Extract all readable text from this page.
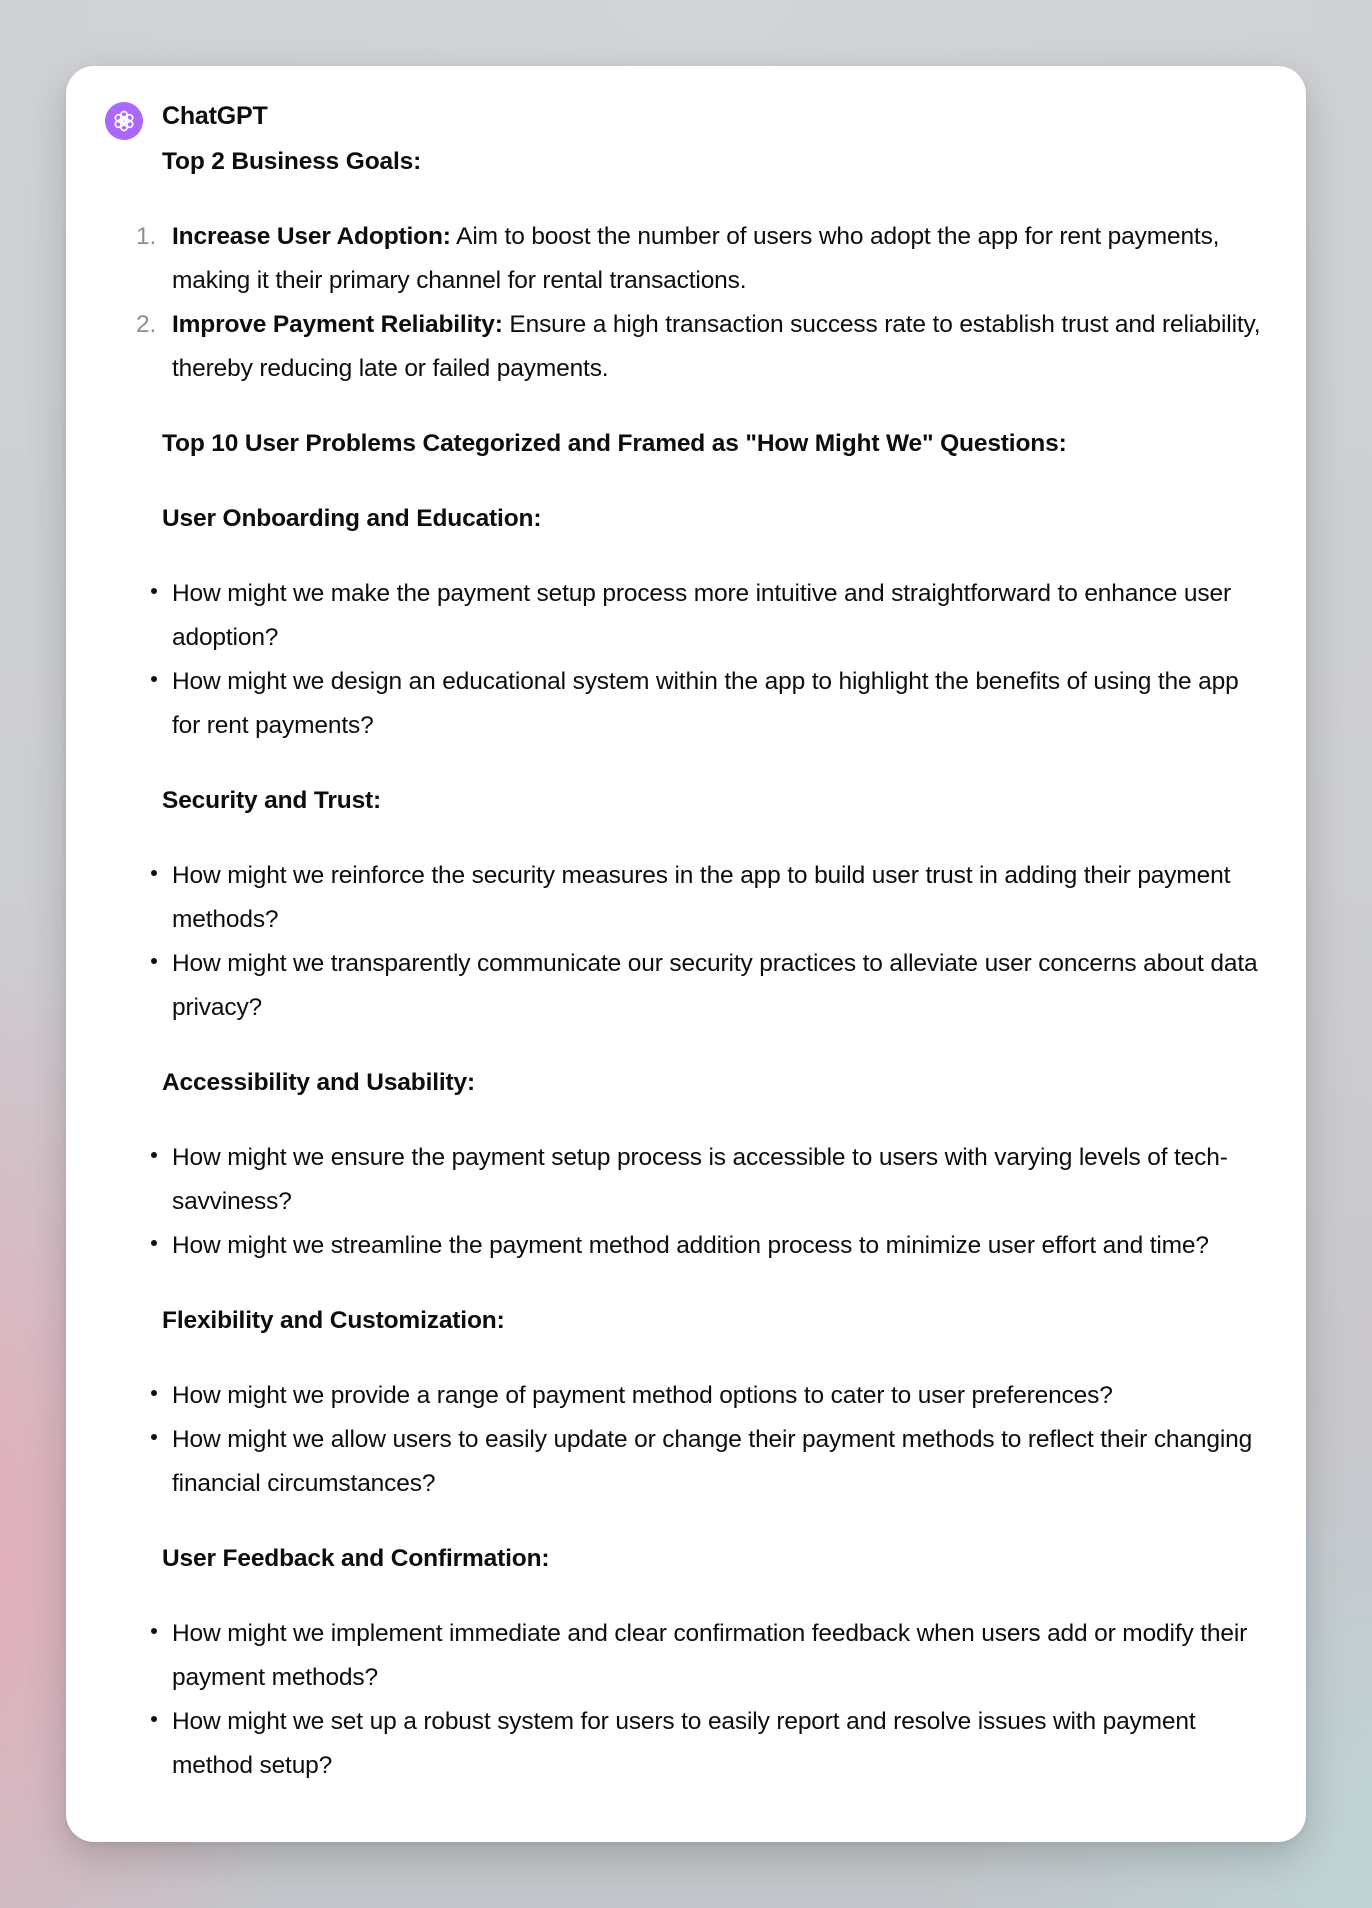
ChatGPT

Top 2 Business Goals:

1. Increase User Adoption: Aim to boost the number of users who adopt the app for rent payments, making it their primary channel for rental transactions.
2. Improve Payment Reliability: Ensure a high transaction success rate to establish trust and reliability, thereby reducing late or failed payments.

Top 10 User Problems Categorized and Framed as "How Might We" Questions:

User Onboarding and Education:

How might we make the payment setup process more intuitive and straightforward to enhance user adoption?
How might we design an educational system within the app to highlight the benefits of using the app for rent payments?

Security and Trust:

How might we reinforce the security measures in the app to build user trust in adding their payment methods?
How might we transparently communicate our security practices to alleviate user concerns about data privacy?

Accessibility and Usability:

How might we ensure the payment setup process is accessible to users with varying levels of tech-savviness?
How might we streamline the payment method addition process to minimize user effort and time?

Flexibility and Customization:

How might we provide a range of payment method options to cater to user preferences?
How might we allow users to easily update or change their payment methods to reflect their changing financial circumstances?

User Feedback and Confirmation:

How might we implement immediate and clear confirmation feedback when users add or modify their payment methods?
How might we set up a robust system for users to easily report and resolve issues with payment method setup?
